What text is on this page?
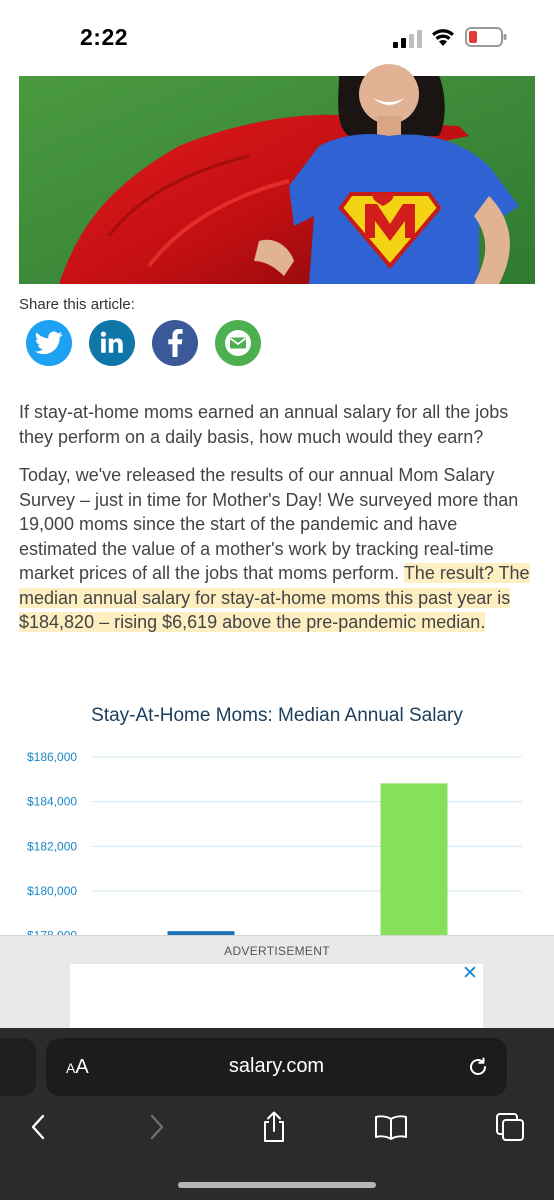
2:22
Share this article:

If stay-at-home moms earned an annual salary for all the jobs they perform on a daily basis, how much would they earn?

Today, we've released the results of our annual Mom Salary Survey – just in time for Mother's Day! We surveyed more than 19,000 moms since the start of the pandemic and have estimated the value of a mother's work by tracking real-time market prices of all the jobs that moms perform. The result? The median annual salary for stay-at-home moms this past year is $184,820 – rising $6,619 above the pre-pandemic median.

Stay-At-Home Moms: Median Annual Salary
$180,000
$182,000
$184,000
$186,000
ADVERTISEMENT
✕
AA	salary.com
